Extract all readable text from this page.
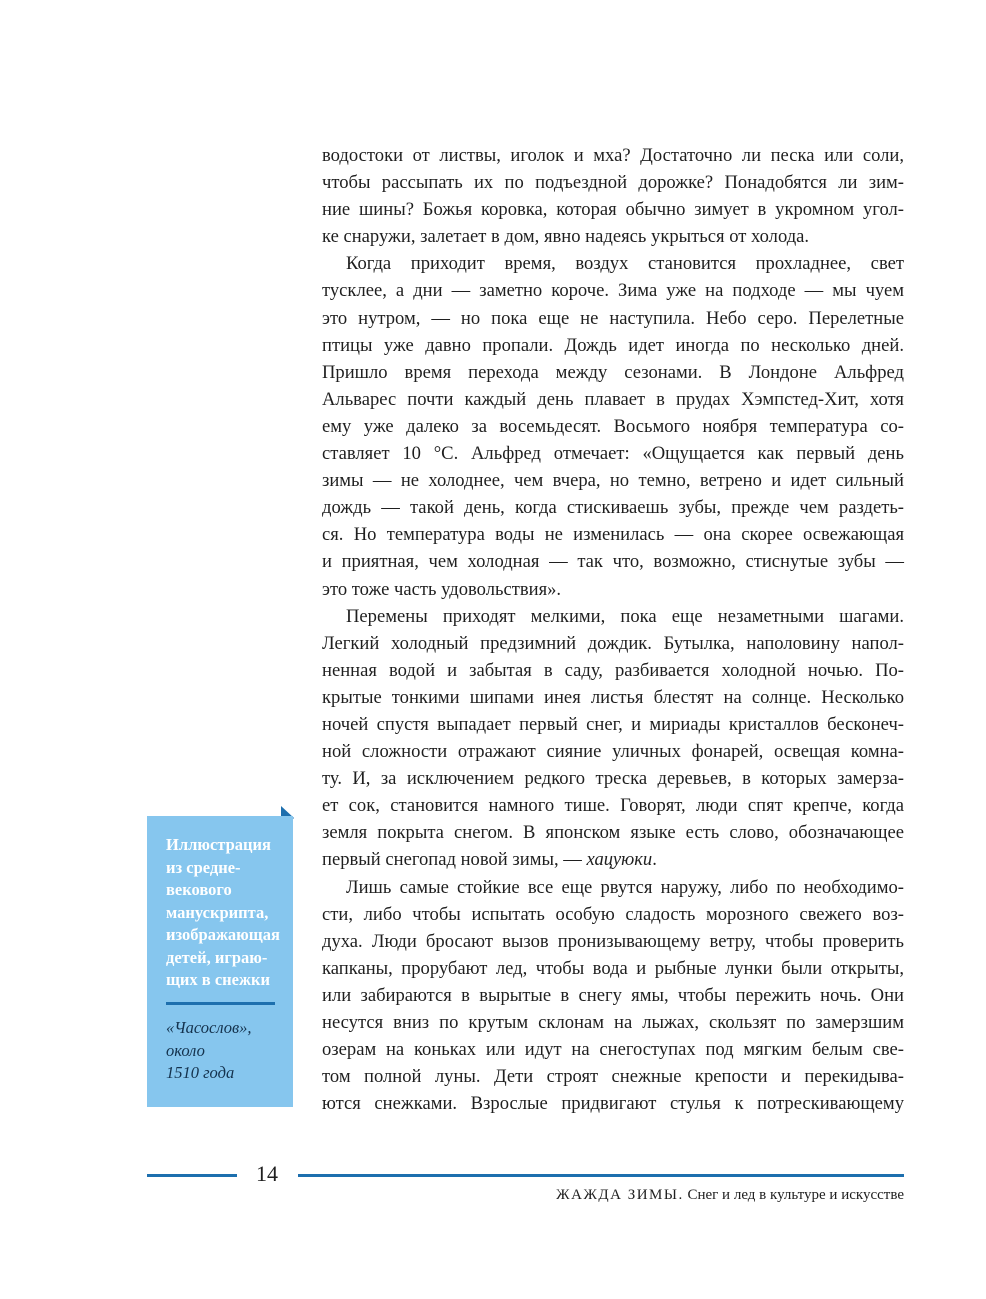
водостоки от листвы, иголок и мха? Достаточно ли песка или соли,
чтобы рассыпать их по подъездной дорожке? Понадобятся ли зим-
ние шины? Божья коровка, которая обычно зимует в укромном угол-
ке снаружи, залетает в дом, явно надеясь укрыться от холода.
Когда приходит время, воздух становится прохладнее, свет
тусклее, а дни — заметно короче. Зима уже на подходе — мы чуем
это нутром, — но пока еще не наступила. Небо серо. Перелетные
птицы уже давно пропали. Дождь идет иногда по несколько дней.
Пришло время перехода между сезонами. В Лондоне Альфред
Альварес почти каждый день плавает в прудах Хэмпстед-Хит, хотя
ему уже далеко за восемьдесят. Восьмого ноября температура со-
ставляет 10 °C. Альфред отмечает: «Ощущается как первый день
зимы — не холоднее, чем вчера, но темно, ветрено и идет сильный
дождь — такой день, когда стискиваешь зубы, прежде чем раздеть-
ся. Но температура воды не изменилась — она скорее освежающая
и приятная, чем холодная — так что, возможно, стиснутые зубы —
это тоже часть удовольствия».
Перемены приходят мелкими, пока еще незаметными шагами.
Легкий холодный предзимний дождик. Бутылка, наполовину напол-
ненная водой и забытая в саду, разбивается холодной ночью. По-
крытые тонкими шипами инея листья блестят на солнце. Несколько
ночей спустя выпадает первый снег, и мириады кристаллов бесконеч-
ной сложности отражают сияние уличных фонарей, освещая комна-
ту. И, за исключением редкого треска деревьев, в которых замерза-
ет сок, становится намного тише. Говорят, люди спят крепче, когда
земля покрыта снегом. В японском языке есть слово, обозначающее
первый снегопад новой зимы, — хацуюки.
Лишь самые стойкие все еще рвутся наружу, либо по необходимо-
сти, либо чтобы испытать особую сладость морозного свежего воз-
духа. Люди бросают вызов пронизывающему ветру, чтобы проверить
капканы, прорубают лед, чтобы вода и рыбные лунки были открыты,
или забираются в вырытые в снегу ямы, чтобы пережить ночь. Они
несутся вниз по крутым склонам на лыжах, скользят по замерзшим
озерам на коньках или идут на снегоступах под мягким белым све-
том полной луны. Дети строят снежные крепости и перекидыва-
ются снежками. Взрослые придвигают стулья к потрескивающему
Иллюстрация
из средне-
векового
манускрипта,
изображающая
детей, играю-
щих в снежки
«Часослов»,
около
1510 года
14
ЖАЖДА ЗИМЫ. Снег и лед в культуре и искусстве
